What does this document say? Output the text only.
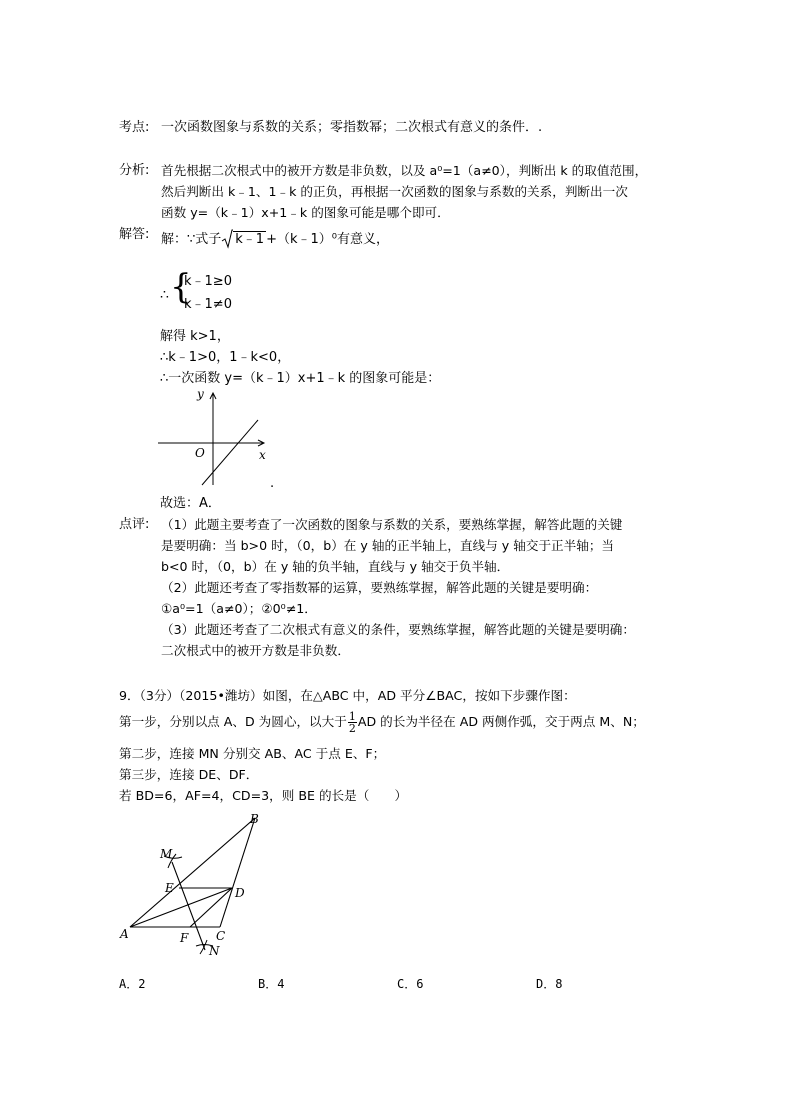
考点: 一次函数图象与系数的关系；零指数幂；二次根式有意义的条件．.
分析: 首先根据二次根式中的被开方数是非负数，以及 a⁰=1（a≠0），判断出 k 的取值范围，
然后判断出 k﹣1、1﹣k 的正负，再根据一次函数的图象与系数的关系，判断出一次
函数 y=（k﹣1）x+1﹣k 的图象可能是哪个即可．
解答: 解：∵式子 k﹣1 +（k﹣1）⁰有意义，
∴ {
k﹣1≥0
k﹣1≠0
解得 k>1，
∴k﹣1>0，1﹣k<0，
∴一次函数 y=（k﹣1）x+1﹣k 的图象可能是：
y
x
O
.
故选：A．
点评: （1）此题主要考查了一次函数的图象与系数的关系，要熟练掌握，解答此题的关键
是要明确：当 b>0 时，（0，b）在 y 轴的正半轴上，直线与 y 轴交于正半轴；当
b<0 时，（0，b）在 y 轴的负半轴，直线与 y 轴交于负半轴．
（2）此题还考查了零指数幂的运算，要熟练掌握，解答此题的关键是要明确：
①a⁰=1（a≠0）；②0⁰≠1．
（3）此题还考查了二次根式有意义的条件，要熟练掌握，解答此题的关键是要明确：
二次根式中的被开方数是非负数．
9．（3分）（2015•潍坊）如图，在△ABC 中，AD 平分∠BAC，按如下步骤作图：
第一步，分别以点 A、D 为圆心，以大于 $\frac{1}{2}$ AD 的长为半径在 AD 两侧作弧，交于两点 M、N；
第二步，连接 MN 分别交 AB、AC 于点 E、F；
第三步，连接 DE、DF．
若 BD=6，AF=4，CD=3，则 BE 的长是（　　）
B
M
E	D
A	F C
N
A．2	B．4	C．6	D．8
